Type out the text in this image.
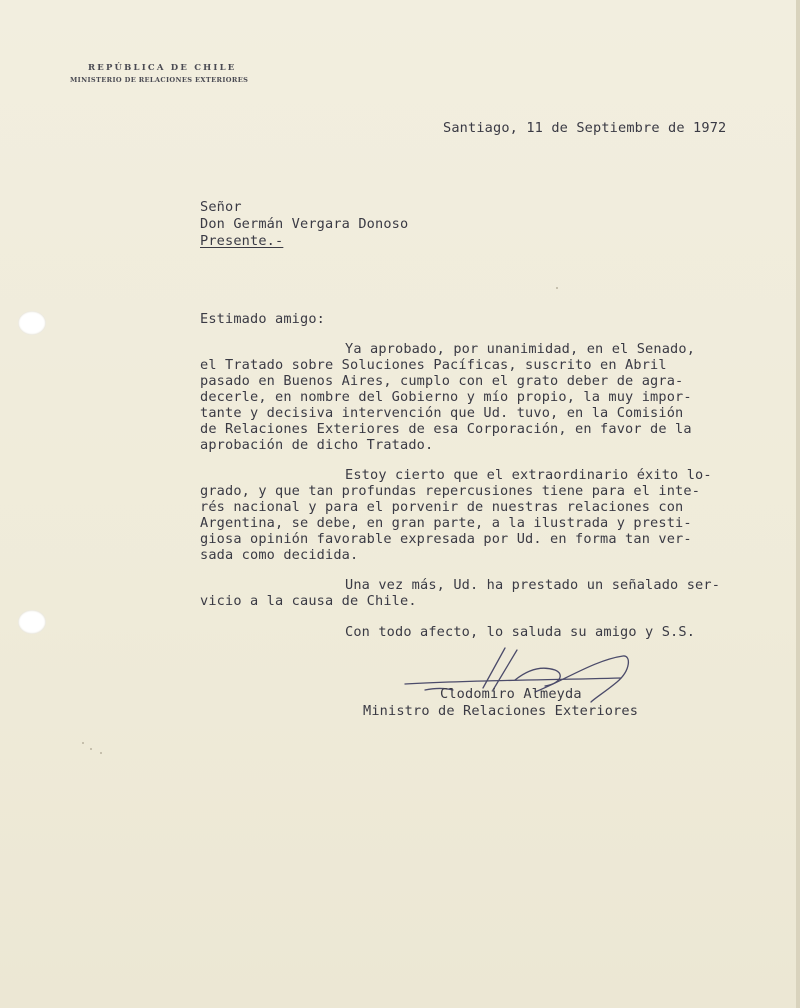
REPÚBLICA DE CHILE
MINISTERIO DE RELACIONES EXTERIORES
Santiago, 11 de Septiembre de 1972
Señor
Don Germán Vergara Donoso
Presente.-
Estimado amigo:
Ya aprobado, por unanimidad, en el Senado,
el Tratado sobre Soluciones Pacíficas, suscrito en Abril
pasado en Buenos Aires, cumplo con el grato deber de agra-
decerle, en nombre del Gobierno y mío propio, la muy impor-
tante y decisiva intervención que Ud. tuvo, en la Comisión
de Relaciones Exteriores de esa Corporación, en favor de la
aprobación de dicho Tratado.
Estoy cierto que el extraordinario éxito lo-
grado, y que tan profundas repercusiones tiene para el inte-
rés nacional y para el porvenir de nuestras relaciones con
Argentina, se debe, en gran parte, a la ilustrada y presti-
giosa opinión favorable expresada por Ud. en forma tan ver-
sada como decidida.
Una vez más, Ud. ha prestado un señalado ser-
vicio a la causa de Chile.
Con todo afecto, lo saluda su amigo y S.S.
Clodomiro Almeyda
Ministro de Relaciones Exteriores
